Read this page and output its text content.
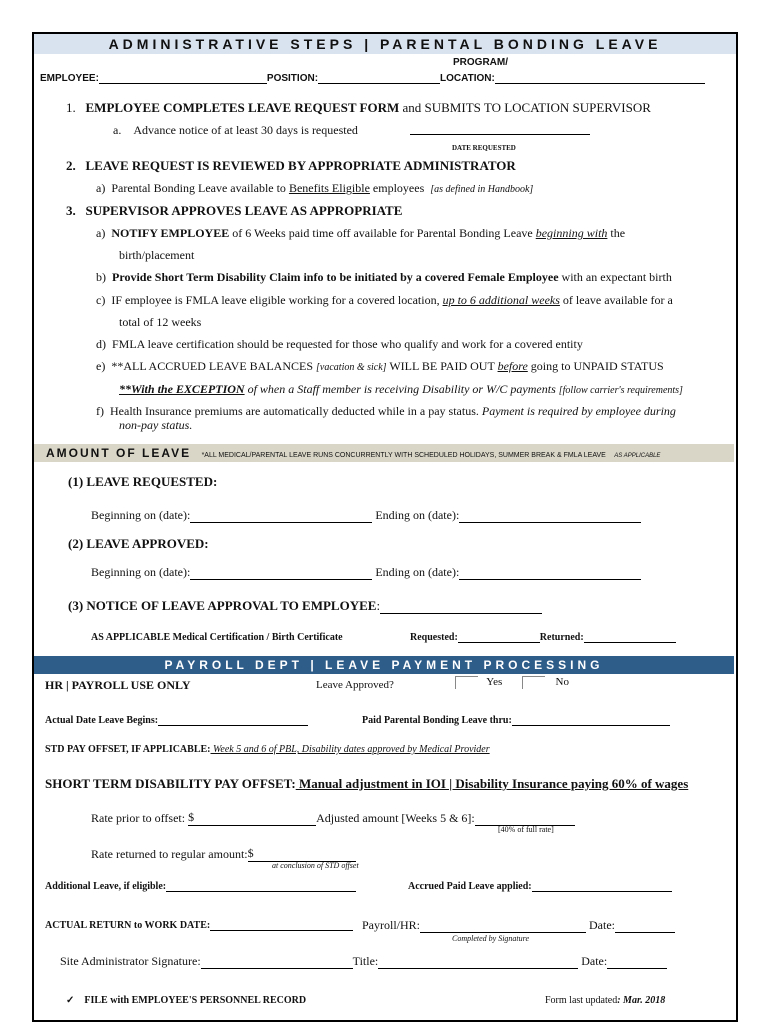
ADMINISTRATIVE STEPS | PARENTAL BONDING LEAVE
PROGRAM/
EMPLOYEE:	POSITION:	LOCATION:
1. EMPLOYEE COMPLETES LEAVE REQUEST FORM and SUBMITS TO LOCATION SUPERVISOR
a. Advance notice of at least 30 days is requested
DATE REQUESTED
2. LEAVE REQUEST IS REVIEWED BY APPROPRIATE ADMINISTRATOR
a) Parental Bonding Leave available to Benefits Eligible employees [as defined in Handbook]
3. SUPERVISOR APPROVES LEAVE AS APPROPRIATE
a) NOTIFY EMPLOYEE of 6 Weeks paid time off available for Parental Bonding Leave beginning with the
birth/placement
b) Provide Short Term Disability Claim info to be initiated by a covered Female Employee with an expectant birth
c) IF employee is FMLA leave eligible working for a covered location, up to 6 additional weeks of leave available for a
total of 12 weeks
d) FMLA leave certification should be requested for those who qualify and work for a covered entity
e) **ALL ACCRUED LEAVE BALANCES [vacation & sick] WILL BE PAID OUT before going to UNPAID STATUS
**With the EXCEPTION of when a Staff member is receiving Disability or W/C payments [follow carrier's requirements]
f) Health Insurance premiums are automatically deducted while in a pay status. Payment is required by employee during
non-pay status.
AMOUNT OF LEAVE *ALL MEDICAL/PARENTAL LEAVE RUNS CONCURRENTLY WITH SCHEDULED HOLIDAYS, SUMMER BREAK & FMLA LEAVE AS APPLICABLE
(1) LEAVE REQUESTED:
Beginning on (date):	Ending on (date):
(2) LEAVE APPROVED:
Beginning on (date):	Ending on (date):
(3) NOTICE OF LEAVE APPROVAL TO EMPLOYEE:
AS APPLICABLE Medical Certification / Birth Certificate	Requested:	Returned:
PAYROLL DEPT | LEAVE PAYMENT PROCESSING
HR | PAYROLL USE ONLY	Leave Approved?	Yes	No
Actual Date Leave Begins:	Paid Parental Bonding Leave thru:
STD PAY OFFSET, IF APPLICABLE: Week 5 and 6 of PBL, Disability dates approved by Medical Provider
SHORT TERM DISABILITY PAY OFFSET: Manual adjustment in IOI | Disability Insurance paying 60% of wages
Rate prior to offset: $	Adjusted amount [Weeks 5 & 6]:
[40% of full rate]
Rate returned to regular amount:$
at conclusion of STD offset
Additional Leave, if eligible:	Accrued Paid Leave applied:
ACTUAL RETURN to WORK DATE:	Payroll/HR:	Date:
Completed by Signature
Site Administrator Signature:	Title:	Date:
✓ FILE with EMPLOYEE'S PERSONNEL RECORD	Form last updated: Mar. 2018
